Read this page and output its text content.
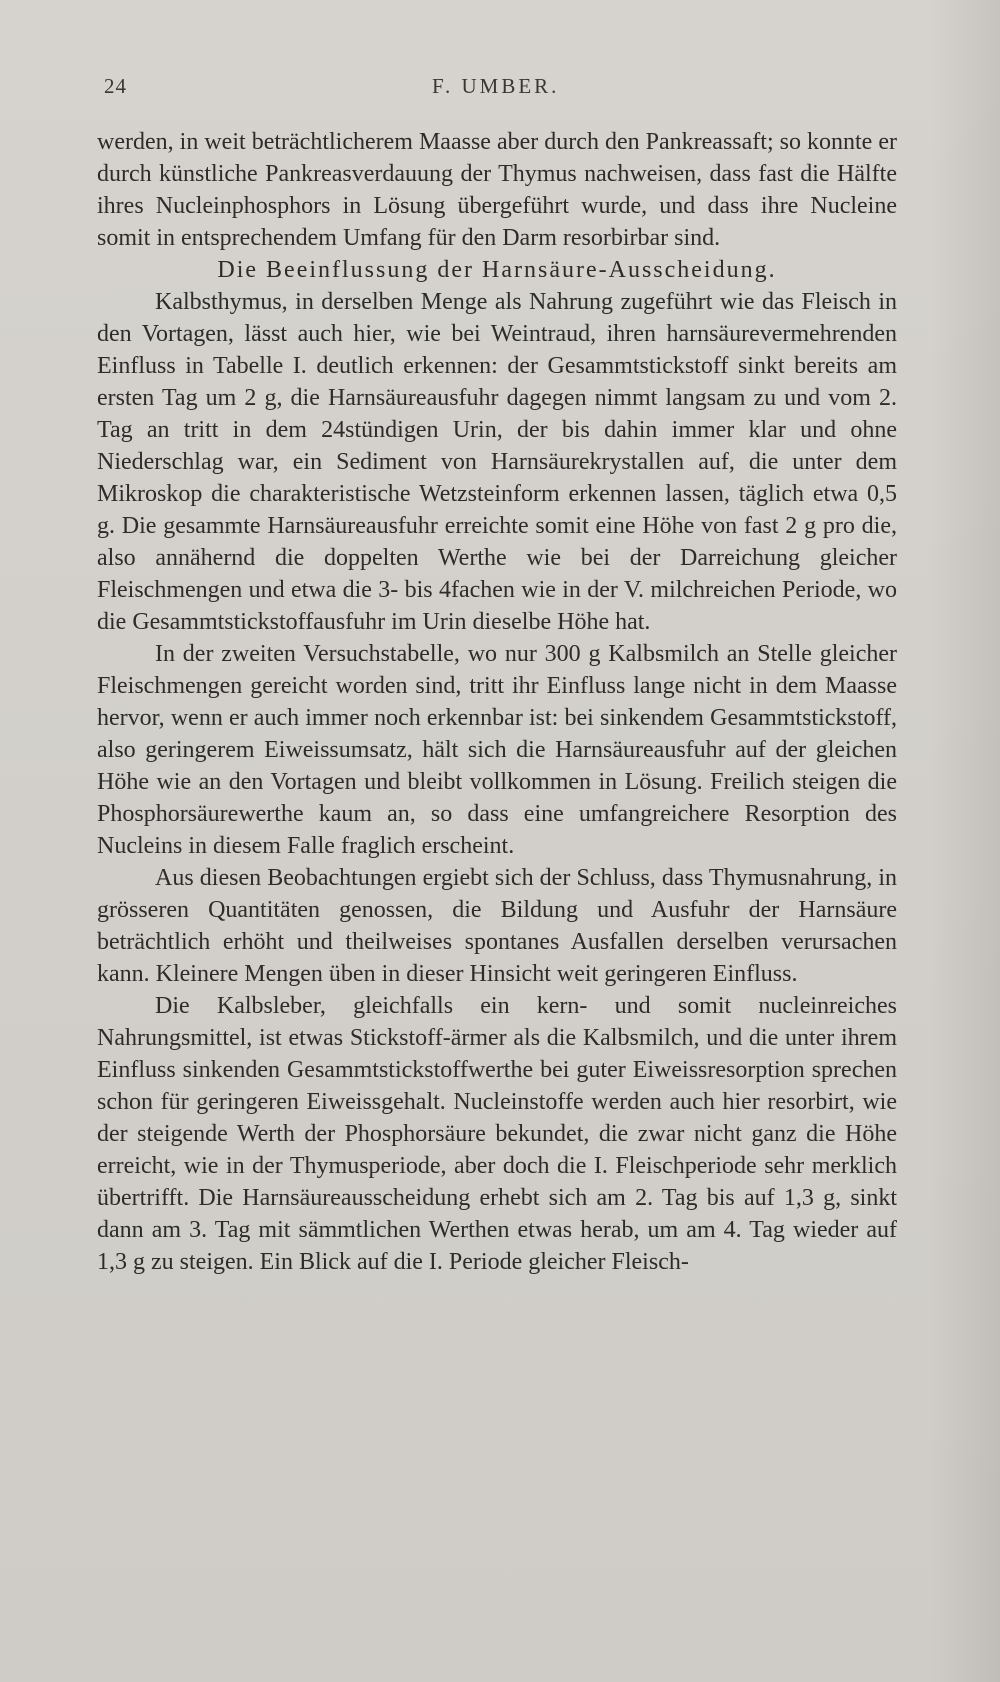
24	F. UMBER.

werden, in weit beträchtlicherem Maasse aber durch den Pankreassaft; so konnte er durch künstliche Pankreasverdauung der Thymus nachweisen, dass fast die Hälfte ihres Nucleinphosphors in Lösung übergeführt wurde, und dass ihre Nucleine somit in entsprechendem Umfang für den Darm resorbirbar sind.

Die Beeinflussung der Harnsäure-Ausscheidung.

Kalbsthymus, in derselben Menge als Nahrung zugeführt wie das Fleisch in den Vortagen, lässt auch hier, wie bei Weintraud, ihren harnsäurevermehrenden Einfluss in Tabelle I. deutlich erkennen: der Gesammtstickstoff sinkt bereits am ersten Tag um 2 g, die Harnsäureausfuhr dagegen nimmt langsam zu und vom 2. Tag an tritt in dem 24stündigen Urin, der bis dahin immer klar und ohne Niederschlag war, ein Sediment von Harnsäurekrystallen auf, die unter dem Mikroskop die charakteristische Wetzsteinform erkennen lassen, täglich etwa 0,5 g. Die gesammte Harnsäureausfuhr erreichte somit eine Höhe von fast 2 g pro die, also annähernd die doppelten Werthe wie bei der Darreichung gleicher Fleischmengen und etwa die 3- bis 4fachen wie in der V. milchreichen Periode, wo die Gesammtstickstoffausfuhr im Urin dieselbe Höhe hat.

In der zweiten Versuchstabelle, wo nur 300 g Kalbsmilch an Stelle gleicher Fleischmengen gereicht worden sind, tritt ihr Einfluss lange nicht in dem Maasse hervor, wenn er auch immer noch erkennbar ist: bei sinkendem Gesammtstickstoff, also geringerem Eiweissumsatz, hält sich die Harnsäureausfuhr auf der gleichen Höhe wie an den Vortagen und bleibt vollkommen in Lösung. Freilich steigen die Phosphorsäurewerthe kaum an, so dass eine umfangreichere Resorption des Nucleins in diesem Falle fraglich erscheint.

Aus diesen Beobachtungen ergiebt sich der Schluss, dass Thymusnahrung, in grösseren Quantitäten genossen, die Bildung und Ausfuhr der Harnsäure beträchtlich erhöht und theilweises spontanes Ausfallen derselben verursachen kann. Kleinere Mengen üben in dieser Hinsicht weit geringeren Einfluss.

Die Kalbsleber, gleichfalls ein kern- und somit nucleinreiches Nahrungsmittel, ist etwas Stickstoff-ärmer als die Kalbsmilch, und die unter ihrem Einfluss sinkenden Gesammtstickstoffwerthe bei guter Eiweissresorption sprechen schon für geringeren Eiweissgehalt. Nucleinstoffe werden auch hier resorbirt, wie der steigende Werth der Phosphorsäure bekundet, die zwar nicht ganz die Höhe erreicht, wie in der Thymusperiode, aber doch die I. Fleischperiode sehr merklich übertrifft. Die Harnsäureausscheidung erhebt sich am 2. Tag bis auf 1,3 g, sinkt dann am 3. Tag mit sämmtlichen Werthen etwas herab, um am 4. Tag wieder auf 1,3 g zu steigen. Ein Blick auf die I. Periode gleicher Fleisch-
